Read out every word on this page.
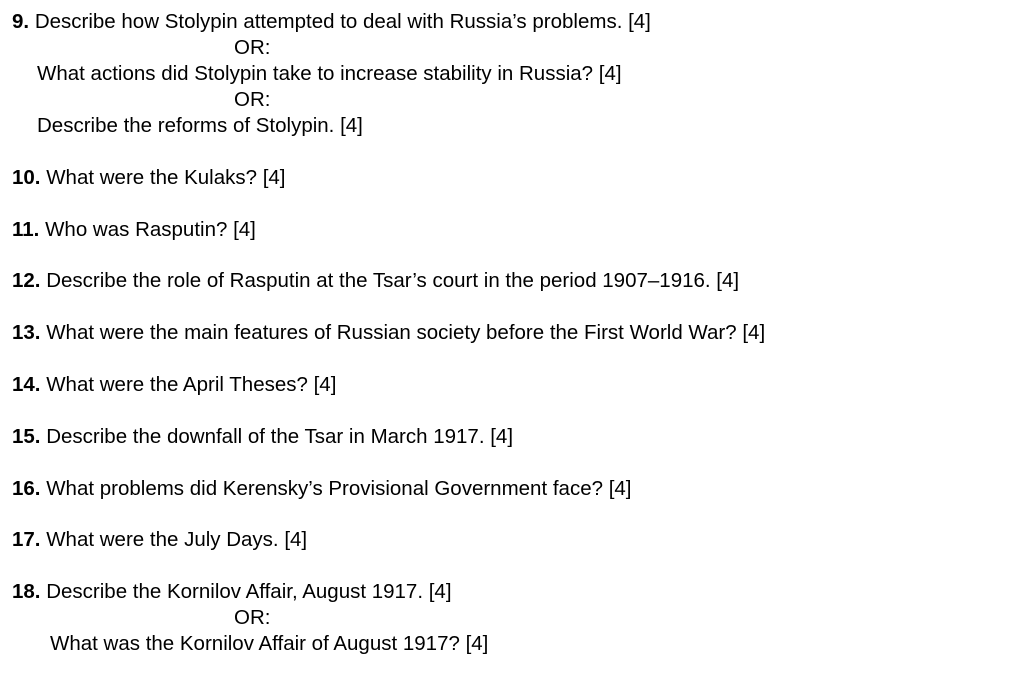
9. Describe how Stolypin attempted to deal with Russia’s problems. [4]
OR:
What actions did Stolypin take to increase stability in Russia? [4]
OR:
Describe the reforms of Stolypin. [4]
10. What were the Kulaks? [4]
11. Who was Rasputin? [4]
12. Describe the role of Rasputin at the Tsar’s court in the period 1907–1916. [4]
13. What were the main features of Russian society before the First World War? [4]
14. What were the April Theses? [4]
15. Describe the downfall of the Tsar in March 1917. [4]
16. What problems did Kerensky’s Provisional Government face? [4]
17. What were the July Days. [4]
18. Describe the Kornilov Affair, August 1917. [4]
OR:
What was the Kornilov Affair of August 1917? [4]
